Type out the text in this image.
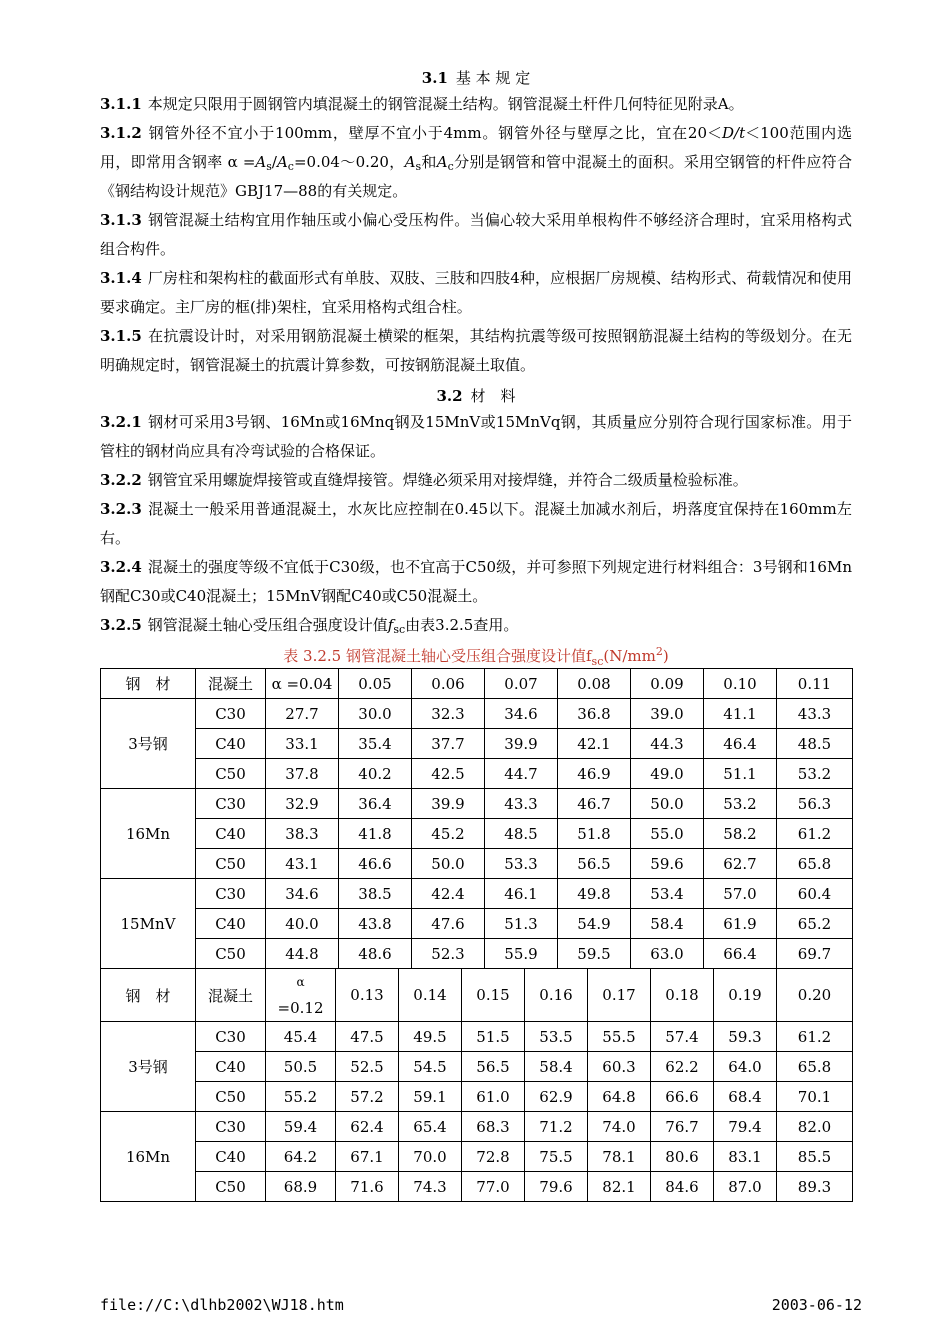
3.1 基 本 规 定
3.1.1 本规定只限用于圆钢管内填混凝土的钢管混凝土结构。钢管混凝土杆件几何特征见附录A。
3.1.2 钢管外径不宜小于100mm，壁厚不宜小于4mm。钢管外径与壁厚之比，宜在20＜D/t＜100范围内选用，即常用含钢率 $\alpha =A_s/A_c=0.04\sim 0.20$，$A_s$和$A_c$分别是钢管和管中混凝土的面积。采用空钢管的杆件应符合《钢结构设计规范》GBJ17—88的有关规定。
3.1.3 钢管混凝土结构宜用作轴压或小偏心受压构件。当偏心较大采用单根构件不够经济合理时，宜采用格构式组合构件。
3.1.4 厂房柱和架构柱的截面形式有单肢、双肢、三肢和四肢4种，应根据厂房规模、结构形式、荷载情况和使用要求确定。主厂房的框(排)架柱，宜采用格构式组合柱。
3.1.5 在抗震设计时，对采用钢筋混凝土横梁的框架，其结构抗震等级可按照钢筋混凝土结构的等级划分。在无明确规定时，钢管混凝土的抗震计算参数，可按钢筋混凝土取值。
3.2 材　料
3.2.1 钢材可采用3号钢、16Mn或16Mnq钢及15MnV或15MnVq钢，其质量应分别符合现行国家标准。用于管柱的钢材尚应具有冷弯试验的合格保证。
3.2.2 钢管宜采用螺旋焊接管或直缝焊接管。焊缝必须采用对接焊缝，并符合二级质量检验标准。
3.2.3 混凝土一般采用普通混凝土，水灰比应控制在0.45以下。混凝土加减水剂后，坍落度宜保持在160mm左右。
3.2.4 混凝土的强度等级不宜低于C30级，也不宜高于C50级，并可参照下列规定进行材料组合：3号钢和16Mn钢配C30或C40混凝土；15MnV钢配C40或C50混凝土。
3.2.5 钢管混凝土轴心受压组合强度设计值$f_{sc}$由表3.2.5查用。
表 3.2.5 钢管混凝土轴心受压组合强度设计值$f_{sc}(N/mm^2)$
钢　材	混凝土	α =0.04	0.05	0.06	0.07	0.08	0.09	0.10	0.11
3号钢	C30	27.7	30.0	32.3	34.6	36.8	39.0	41.1	43.3
	C40	33.1	35.4	37.7	39.9	42.1	44.3	46.4	48.5
	C50	37.8	40.2	42.5	44.7	46.9	49.0	51.1	53.2
16Mn	C30	32.9	36.4	39.9	43.3	46.7	50.0	53.2	56.3
	C40	38.3	41.8	45.2	48.5	51.8	55.0	58.2	61.2
	C50	43.1	46.6	50.0	53.3	56.5	59.6	62.7	65.8
15MnV	C30	34.6	38.5	42.4	46.1	49.8	53.4	57.0	60.4
	C40	40.0	43.8	47.6	51.3	54.9	58.4	61.9	65.2
	C50	44.8	48.6	52.3	55.9	59.5	63.0	66.4	69.7
钢　材	混凝土	α
=0.12	0.13	0.14	0.15	0.16	0.17	0.18	0.19	0.20
3号钢	C30	45.4	47.5	49.5	51.5	53.5	55.5	57.4	59.3	61.2
	C40	50.5	52.5	54.5	56.5	58.4	60.3	62.2	64.0	65.8
	C50	55.2	57.2	59.1	61.0	62.9	64.8	66.6	68.4	70.1
16Mn	C30	59.4	62.4	65.4	68.3	71.2	74.0	76.7	79.4	82.0
	C40	64.2	67.1	70.0	72.8	75.5	78.1	80.6	83.1	85.5
	C50	68.9	71.6	74.3	77.0	79.6	82.1	84.6	87.0	89.3
file://C:\dlhb2002\WJ18.htm	2003-06-12
